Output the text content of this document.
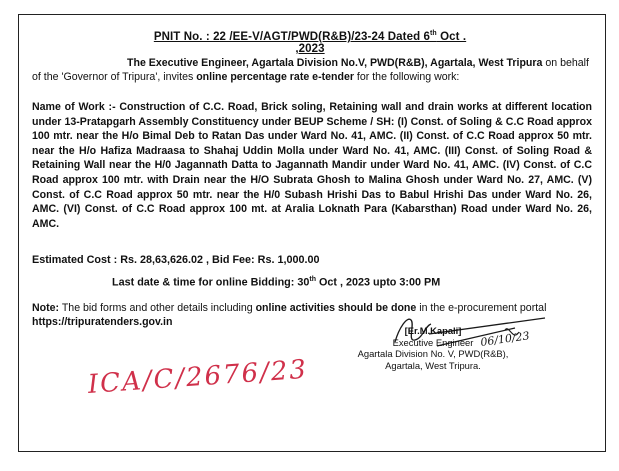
PNIT No. : 22 /EE-V/AGT/PWD(R&B)/23-24 Dated 6th Oct . ,2023
The Executive Engineer, Agartala Division No.V, PWD(R&B), Agartala, West Tripura on behalf of the 'Governor of Tripura', invites online percentage rate e-tender for the following work:
Name of Work :- Construction of C.C. Road, Brick soling, Retaining wall and drain works at different location under 13-Pratapgarh Assembly Constituency under BEUP Scheme / SH: (I) Const. of Soling & C.C Road approx 100 mtr. near the H/o Bimal Deb to Ratan Das under Ward No. 41, AMC. (II) Const. of C.C Road approx 50 mtr. near the H/o Hafiza Madraasa to Shahaj Uddin Molla under Ward No. 41, AMC. (III) Const. of Soling Road & Retaining Wall near the H/0 Jagannath Datta to Jagannath Mandir under Ward No. 41, AMC. (IV) Const. of C.C Road approx 100 mtr. with Drain near the H/O Subrata Ghosh to Malina Ghosh under Ward No. 27, AMC. (V) Const. of C.C Road approx 50 mtr. near the H/0 Subash Hrishi Das to Babul Hrishi Das under Ward No. 26, AMC. (VI) Const. of C.C Road approx 100 mt. at Aralia Loknath Para (Kabarsthan) Road under Ward No. 26, AMC.
Estimated Cost : Rs. 28,63,626.02 , Bid Fee: Rs. 1,000.00
Last date & time for online Bidding: 30th Oct , 2023 upto 3:00 PM
Note: The bid forms and other details including online activities should be done in the e-procurement portal
https://tripuratenders.gov.in
06/10/23
[Er.M.Kapali]
Executive Engineer
Agartala Division No. V, PWD(R&B),
Agartala, West Tripura.
ICA/C/2676/23
